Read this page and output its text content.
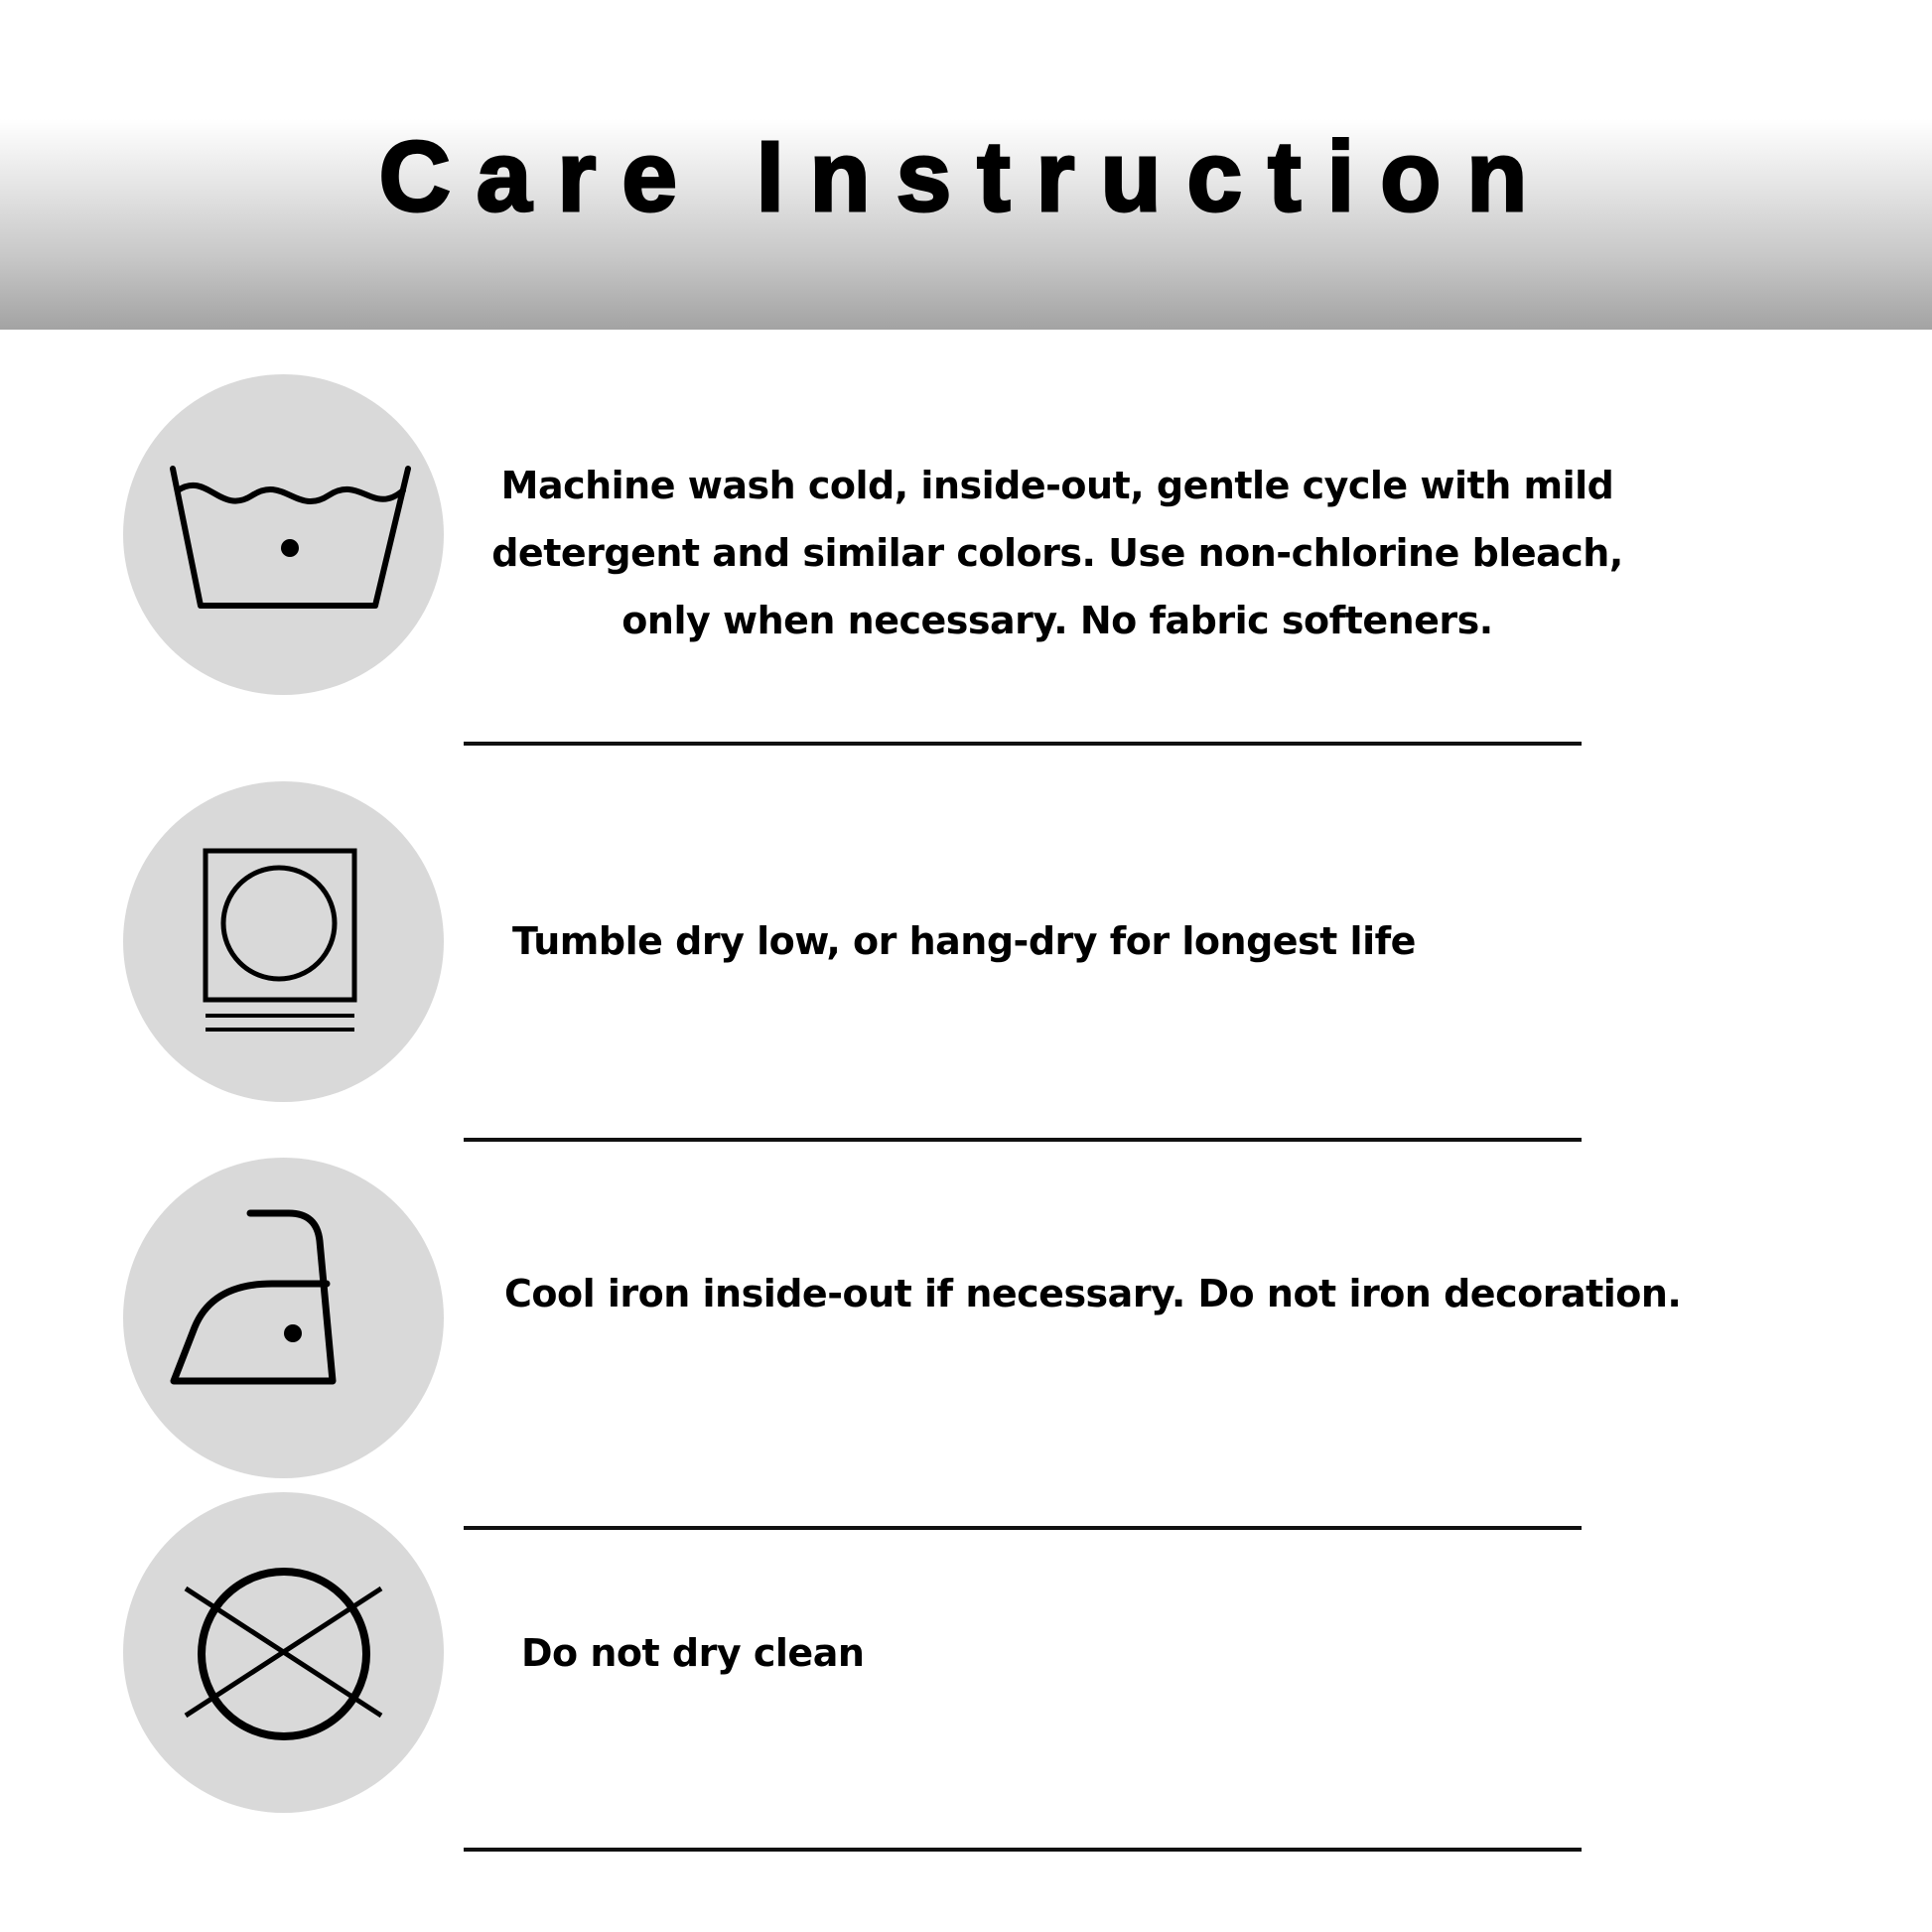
Care Instruction
Machine wash cold, inside-out, gentle cycle with mild
detergent and similar colors. Use non-chlorine bleach,
only when necessary. No fabric softeners.
Tumble dry low, or hang-dry for longest life
Cool iron inside-out if necessary. Do not iron decoration.
Do not dry clean
